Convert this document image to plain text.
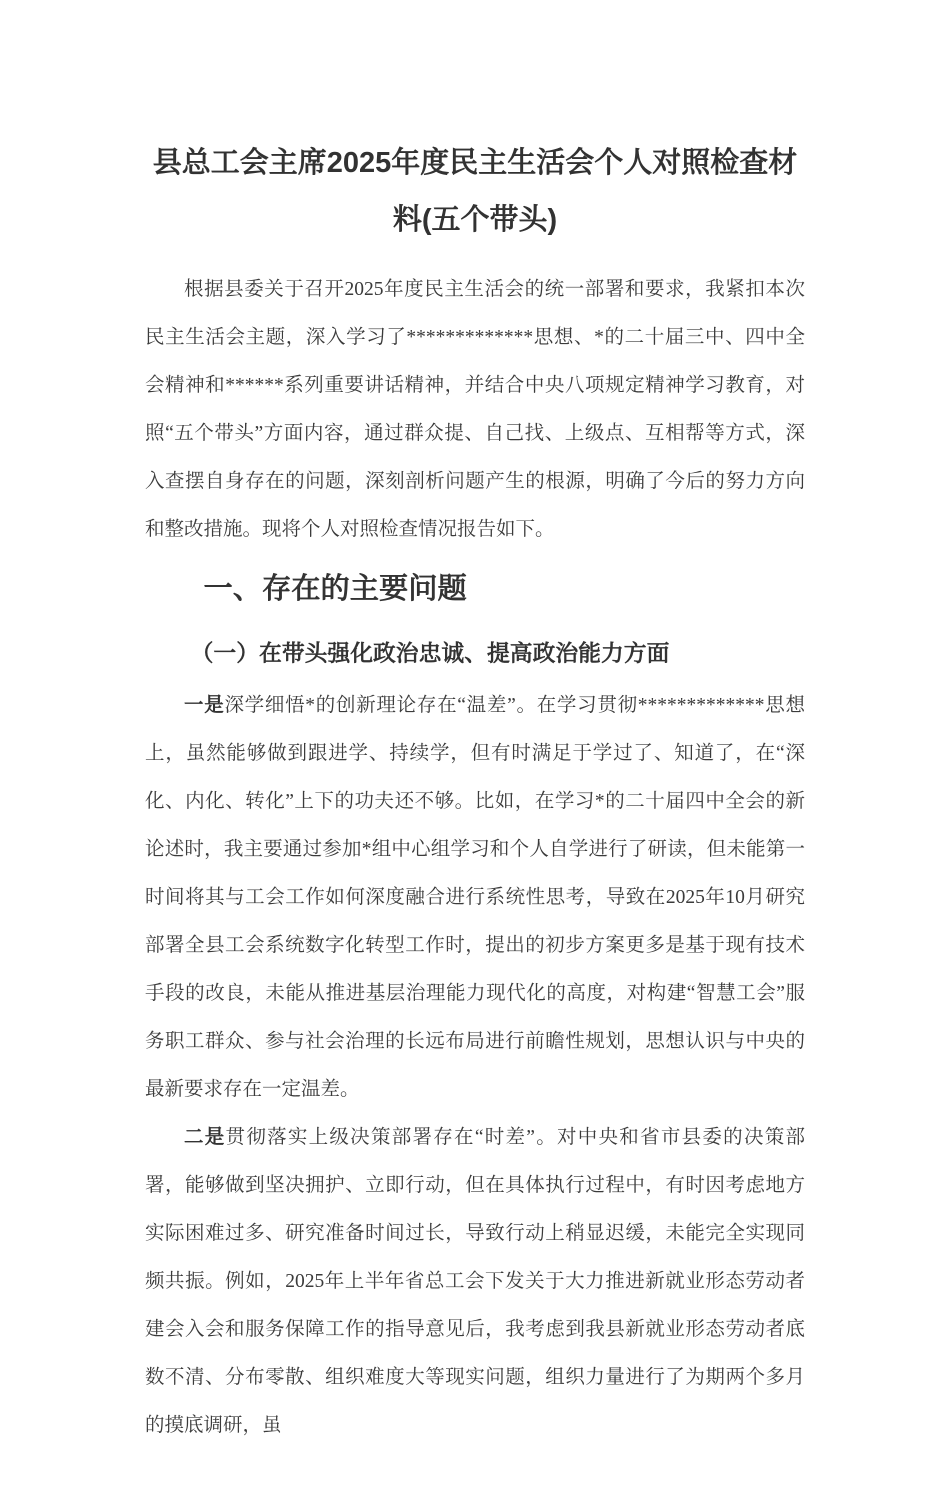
县总工会主席2025年度民主生活会个人对照检查材料(五个带头)

根据县委关于召开2025年度民主生活会的统一部署和要求，我紧扣本次民主生活会主题，深入学习了*************思想、*的二十届三中、四中全会精神和******系列重要讲话精神，并结合中央八项规定精神学习教育，对照“五个带头”方面内容，通过群众提、自己找、上级点、互相帮等方式，深入查摆自身存在的问题，深刻剖析问题产生的根源，明确了今后的努力方向和整改措施。现将个人对照检查情况报告如下。

一、存在的主要问题
（一）在带头强化政治忠诚、提高政治能力方面

一是深学细悟*的创新理论存在“温差”。在学习贯彻*************思想上，虽然能够做到跟进学、持续学，但有时满足于学过了、知道了，在“深化、内化、转化”上下的功夫还不够。比如，在学习*的二十届四中全会的新论述时，我主要通过参加*组中心组学习和个人自学进行了研读，但未能第一时间将其与工会工作如何深度融合进行系统性思考，导致在2025年10月研究部署全县工会系统数字化转型工作时，提出的初步方案更多是基于现有技术手段的改良，未能从推进基层治理能力现代化的高度，对构建“智慧工会”服务职工群众、参与社会治理的长远布局进行前瞻性规划，思想认识与中央的最新要求存在一定温差。

二是贯彻落实上级决策部署存在“时差”。对中央和省市县委的决策部署，能够做到坚决拥护、立即行动，但在具体执行过程中，有时因考虑地方实际困难过多、研究准备时间过长，导致行动上稍显迟缓，未能完全实现同频共振。例如，2025年上半年省总工会下发关于大力推进新就业形态劳动者建会入会和服务保障工作的指导意见后，我考虑到我县新就业形态劳动者底数不清、分布零散、组织难度大等现实问题，组织力量进行了为期两个多月的摸底调研，虽
